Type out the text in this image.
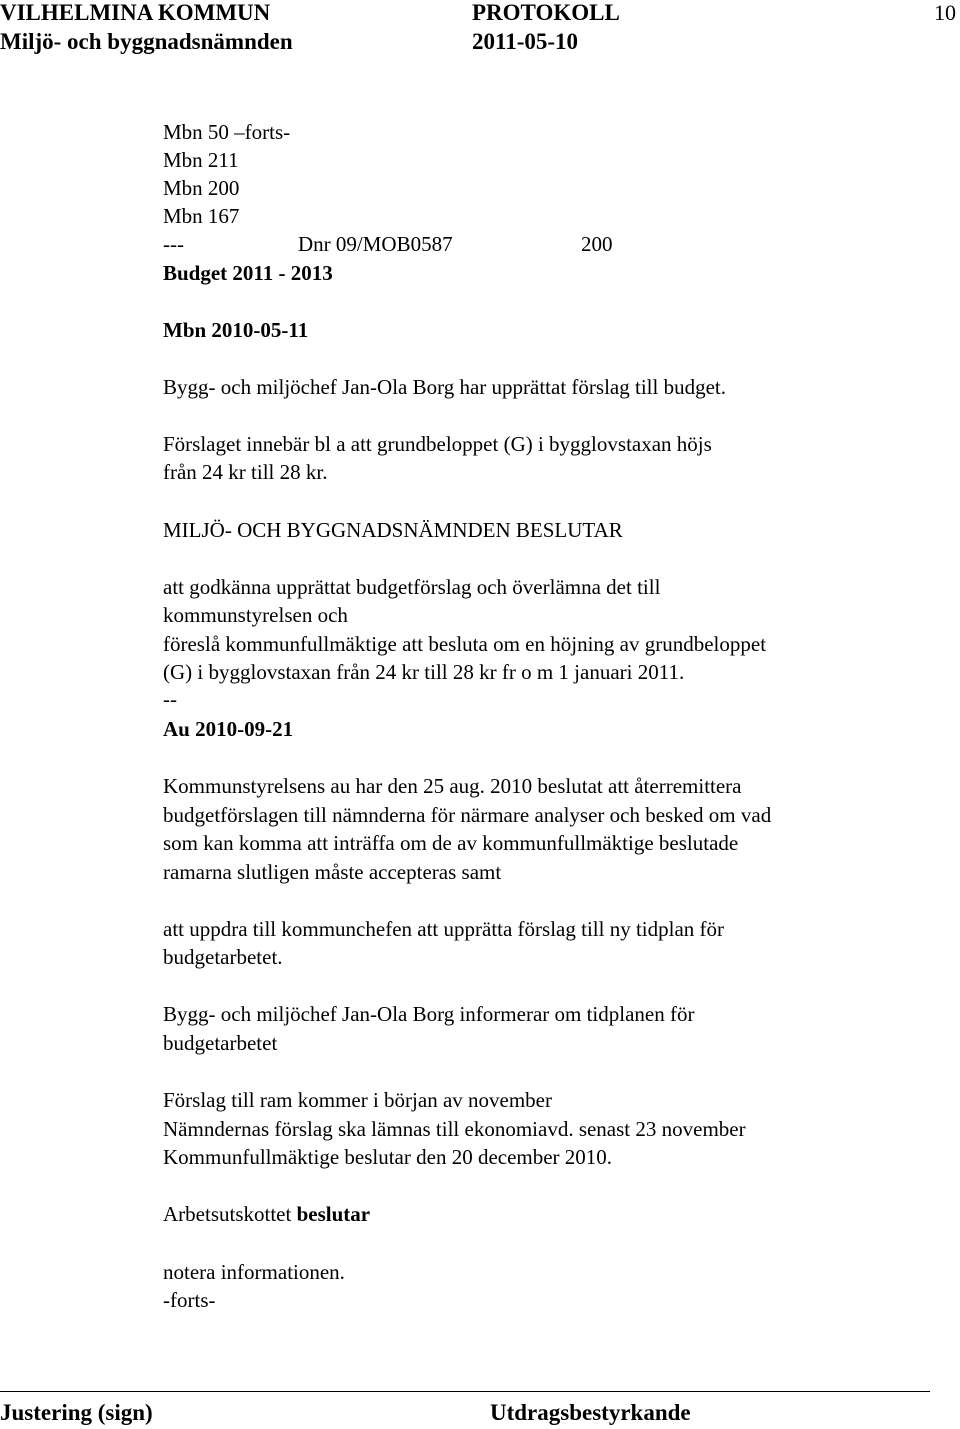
VILHELMINA KOMMUN	PROTOKOLL	10
Miljö- och byggnadsnämnden	2011-05-10
Mbn 50 –forts-
Mbn 211
Mbn 200
Mbn 167
---	Dnr 09/MOB0587	200
Budget 2011 - 2013
Mbn 2010-05-11
Bygg- och miljöchef Jan-Ola Borg har upprättat förslag till budget.
Förslaget innebär bl a att grundbeloppet (G) i bygglovstaxan höjs
från 24 kr till 28 kr.
MILJÖ- OCH BYGGNADSNÄMNDEN BESLUTAR
att godkänna upprättat budgetförslag och överlämna det till
kommunstyrelsen och
föreslå kommunfullmäktige att besluta om en höjning av grundbeloppet
(G) i bygglovstaxan från 24 kr till 28 kr fr o m 1 januari 2011.
--
Au 2010-09-21
Kommunstyrelsens au har den 25 aug. 2010 beslutat att återremittera
budgetförslagen till nämnderna för närmare analyser och besked om vad
som kan komma att inträffa om de av kommunfullmäktige beslutade
ramarna slutligen måste accepteras samt
att uppdra till kommunchefen att upprätta förslag till ny tidplan för
budgetarbetet.
Bygg- och miljöchef Jan-Ola Borg informerar om tidplanen för
budgetarbetet
Förslag till ram kommer i början av november
Nämndernas förslag ska lämnas till ekonomiavd. senast 23 november
Kommunfullmäktige beslutar den 20 december 2010.
Arbetsutskottet beslutar
notera informationen.
-forts-
Justering (sign)	Utdragsbestyrkande
